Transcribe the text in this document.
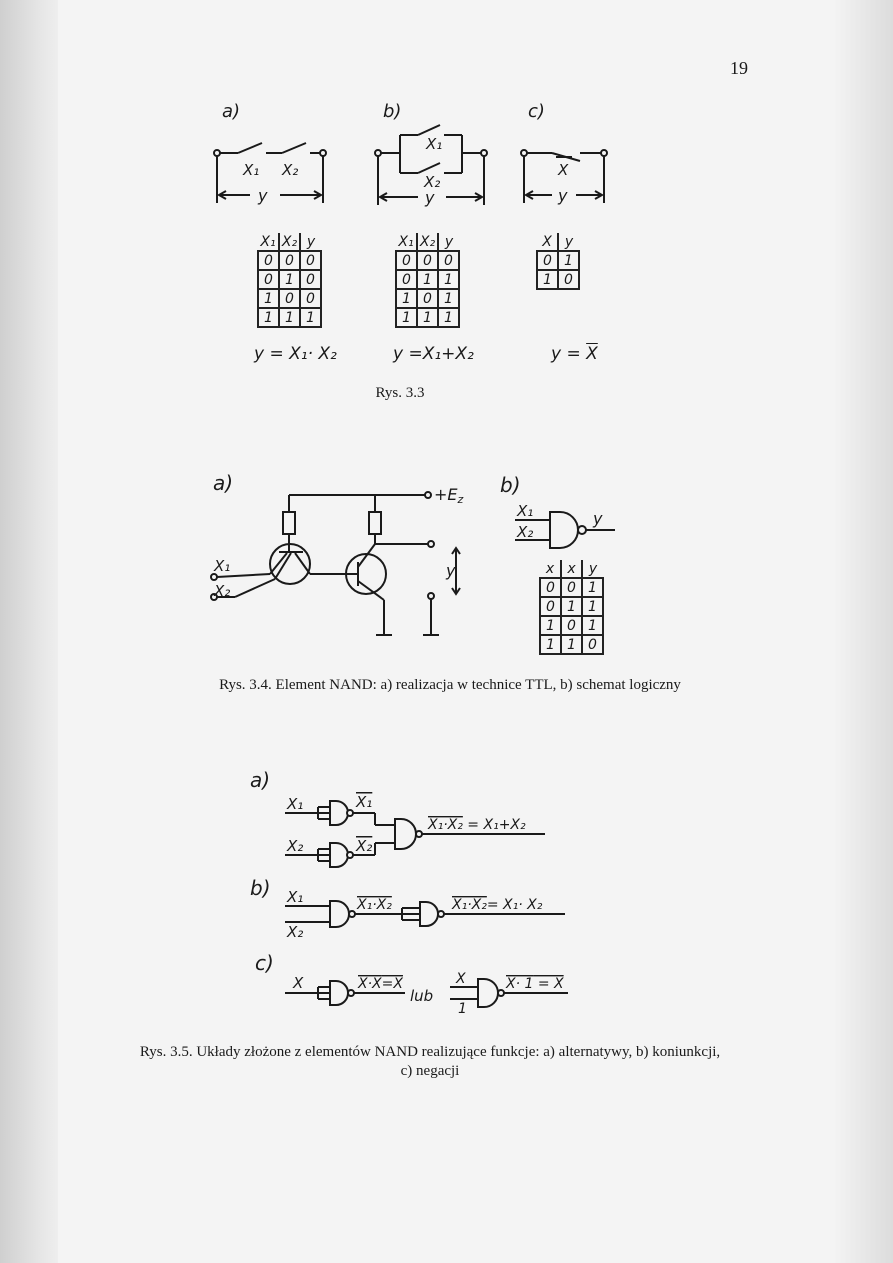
19
a)
X₁ X₂
y
b)
X₁
X₂
y
c)
X
y
X₁	X₂	y
0	0	0
0	1	0
1	0	0
1	1	1
X₁	X₂	y
0	0	0
0	1	1
1	0	1
1	1	1
X	y
0	1
1	0
y = X₁· X₂	y =X₁+X₂	$y = \overline{X}$
Rys. 3.3
a)	+Ez
X₁
X₂
y
b)
X₁
X₂
y
x	x	y
0	0	1
0	1	1
1	0	1
1	1	0
Rys. 3.4. Element NAND: a) realizacja w technice TTL, b) schemat logiczny
a)
X₁
X₂
X₁
X₂
X₁·X₂ = X₁+X₂
b) X₁
X₂
X₁·X₂	X₁·X₂= X₁· X₂
c)
X	X·X=X
lub
X
1
X· 1 = X
Rys. 3.5. Układy złożone z elementów NAND realizujące funkcje: a) alternatywy, b) koniunkcji,
c) negacji
